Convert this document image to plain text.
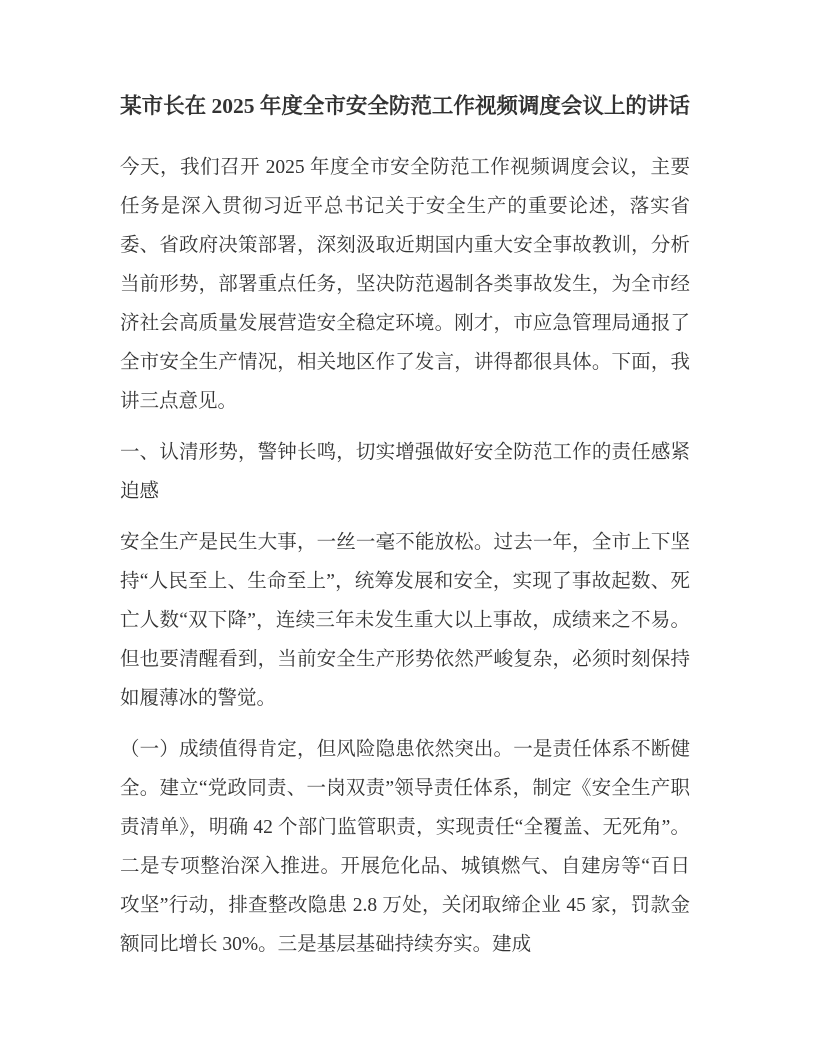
某市长在 2025 年度全市安全防范工作视频调度会议上的讲话

今天，我们召开 2025 年度全市安全防范工作视频调度会议，主要任务是深入贯彻习近平总书记关于安全生产的重要论述，落实省委、省政府决策部署，深刻汲取近期国内重大安全事故教训，分析当前形势，部署重点任务，坚决防范遏制各类事故发生，为全市经济社会高质量发展营造安全稳定环境。刚才，市应急管理局通报了全市安全生产情况，相关地区作了发言，讲得都很具体。下面，我讲三点意见。

一、认清形势，警钟长鸣，切实增强做好安全防范工作的责任感紧迫感

安全生产是民生大事，一丝一毫不能放松。过去一年，全市上下坚持“人民至上、生命至上”，统筹发展和安全，实现了事故起数、死亡人数“双下降”，连续三年未发生重大以上事故，成绩来之不易。但也要清醒看到，当前安全生产形势依然严峻复杂，必须时刻保持如履薄冰的警觉。

（一）成绩值得肯定，但风险隐患依然突出。一是责任体系不断健全。建立“党政同责、一岗双责”领导责任体系，制定《安全生产职责清单》，明确 42 个部门监管职责，实现责任“全覆盖、无死角”。二是专项整治深入推进。开展危化品、城镇燃气、自建房等“百日攻坚”行动，排查整改隐患 2.8 万处，关闭取缔企业 45 家，罚款金额同比增长 30%。三是基层基础持续夯实。建成
